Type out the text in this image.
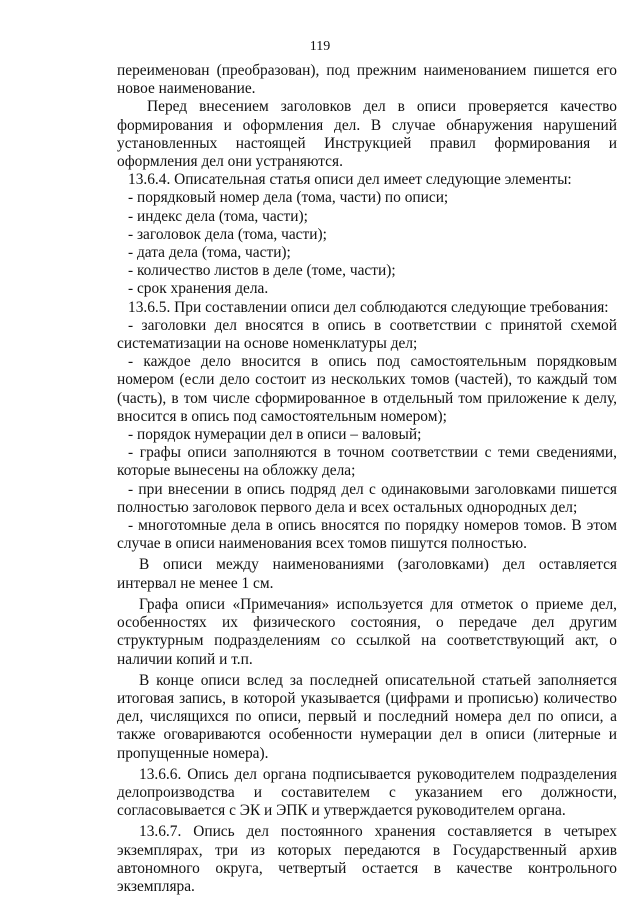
119

переименован (преобразован), под прежним наименованием пишется его новое наименование.

Перед внесением заголовков дел в описи проверяется качество формирования и оформления дел. В случае обнаружения нарушений установленных настоящей Инструкцией правил формирования и оформления дел они устраняются.

13.6.4. Описательная статья описи дел имеет следующие элементы:

- порядковый номер дела (тома, части) по описи;

- индекс дела (тома, части);

- заголовок дела (тома, части);

- дата дела (тома, части);

- количество листов в деле (томе, части);

- срок хранения дела.

13.6.5. При составлении описи дел соблюдаются следующие требования:

- заголовки дел вносятся в опись в соответствии с принятой схемой систематизации на основе номенклатуры дел;

- каждое дело вносится в опись под самостоятельным порядковым номером (если дело состоит из нескольких томов (частей), то каждый том (часть), в том числе сформированное в отдельный том приложение к делу, вносится в опись под самостоятельным номером);

- порядок нумерации дел в описи – валовый;

- графы описи заполняются в точном соответствии с теми сведениями, которые вынесены на обложку дела;

- при внесении в опись подряд дел с одинаковыми заголовками пишется полностью заголовок первого дела и всех остальных однородных дел;

- многотомные дела в опись вносятся по порядку номеров томов. В этом случае в описи наименования всех томов пишутся полностью.

В описи между наименованиями (заголовками) дел оставляется интервал не менее 1 см.

Графа описи «Примечания» используется для отметок о приеме дел, особенностях их физического состояния, о передаче дел другим структурным подразделениям со ссылкой на соответствующий акт, о наличии копий и т.п.

В конце описи вслед за последней описательной статьей заполняется итоговая запись, в которой указывается (цифрами и прописью) количество дел, числящихся по описи, первый и последний номера дел по описи, а также оговариваются особенности нумерации дел в описи (литерные и пропущенные номера).

13.6.6. Опись дел органа подписывается руководителем подразделения делопроизводства и составителем с указанием его должности, согласовывается с ЭК и ЭПК и утверждается руководителем органа.

13.6.7. Опись дел постоянного хранения составляется в четырех экземплярах, три из которых передаются в Государственный архив автономного округа, четвертый остается в качестве контрольного экземпляра.
